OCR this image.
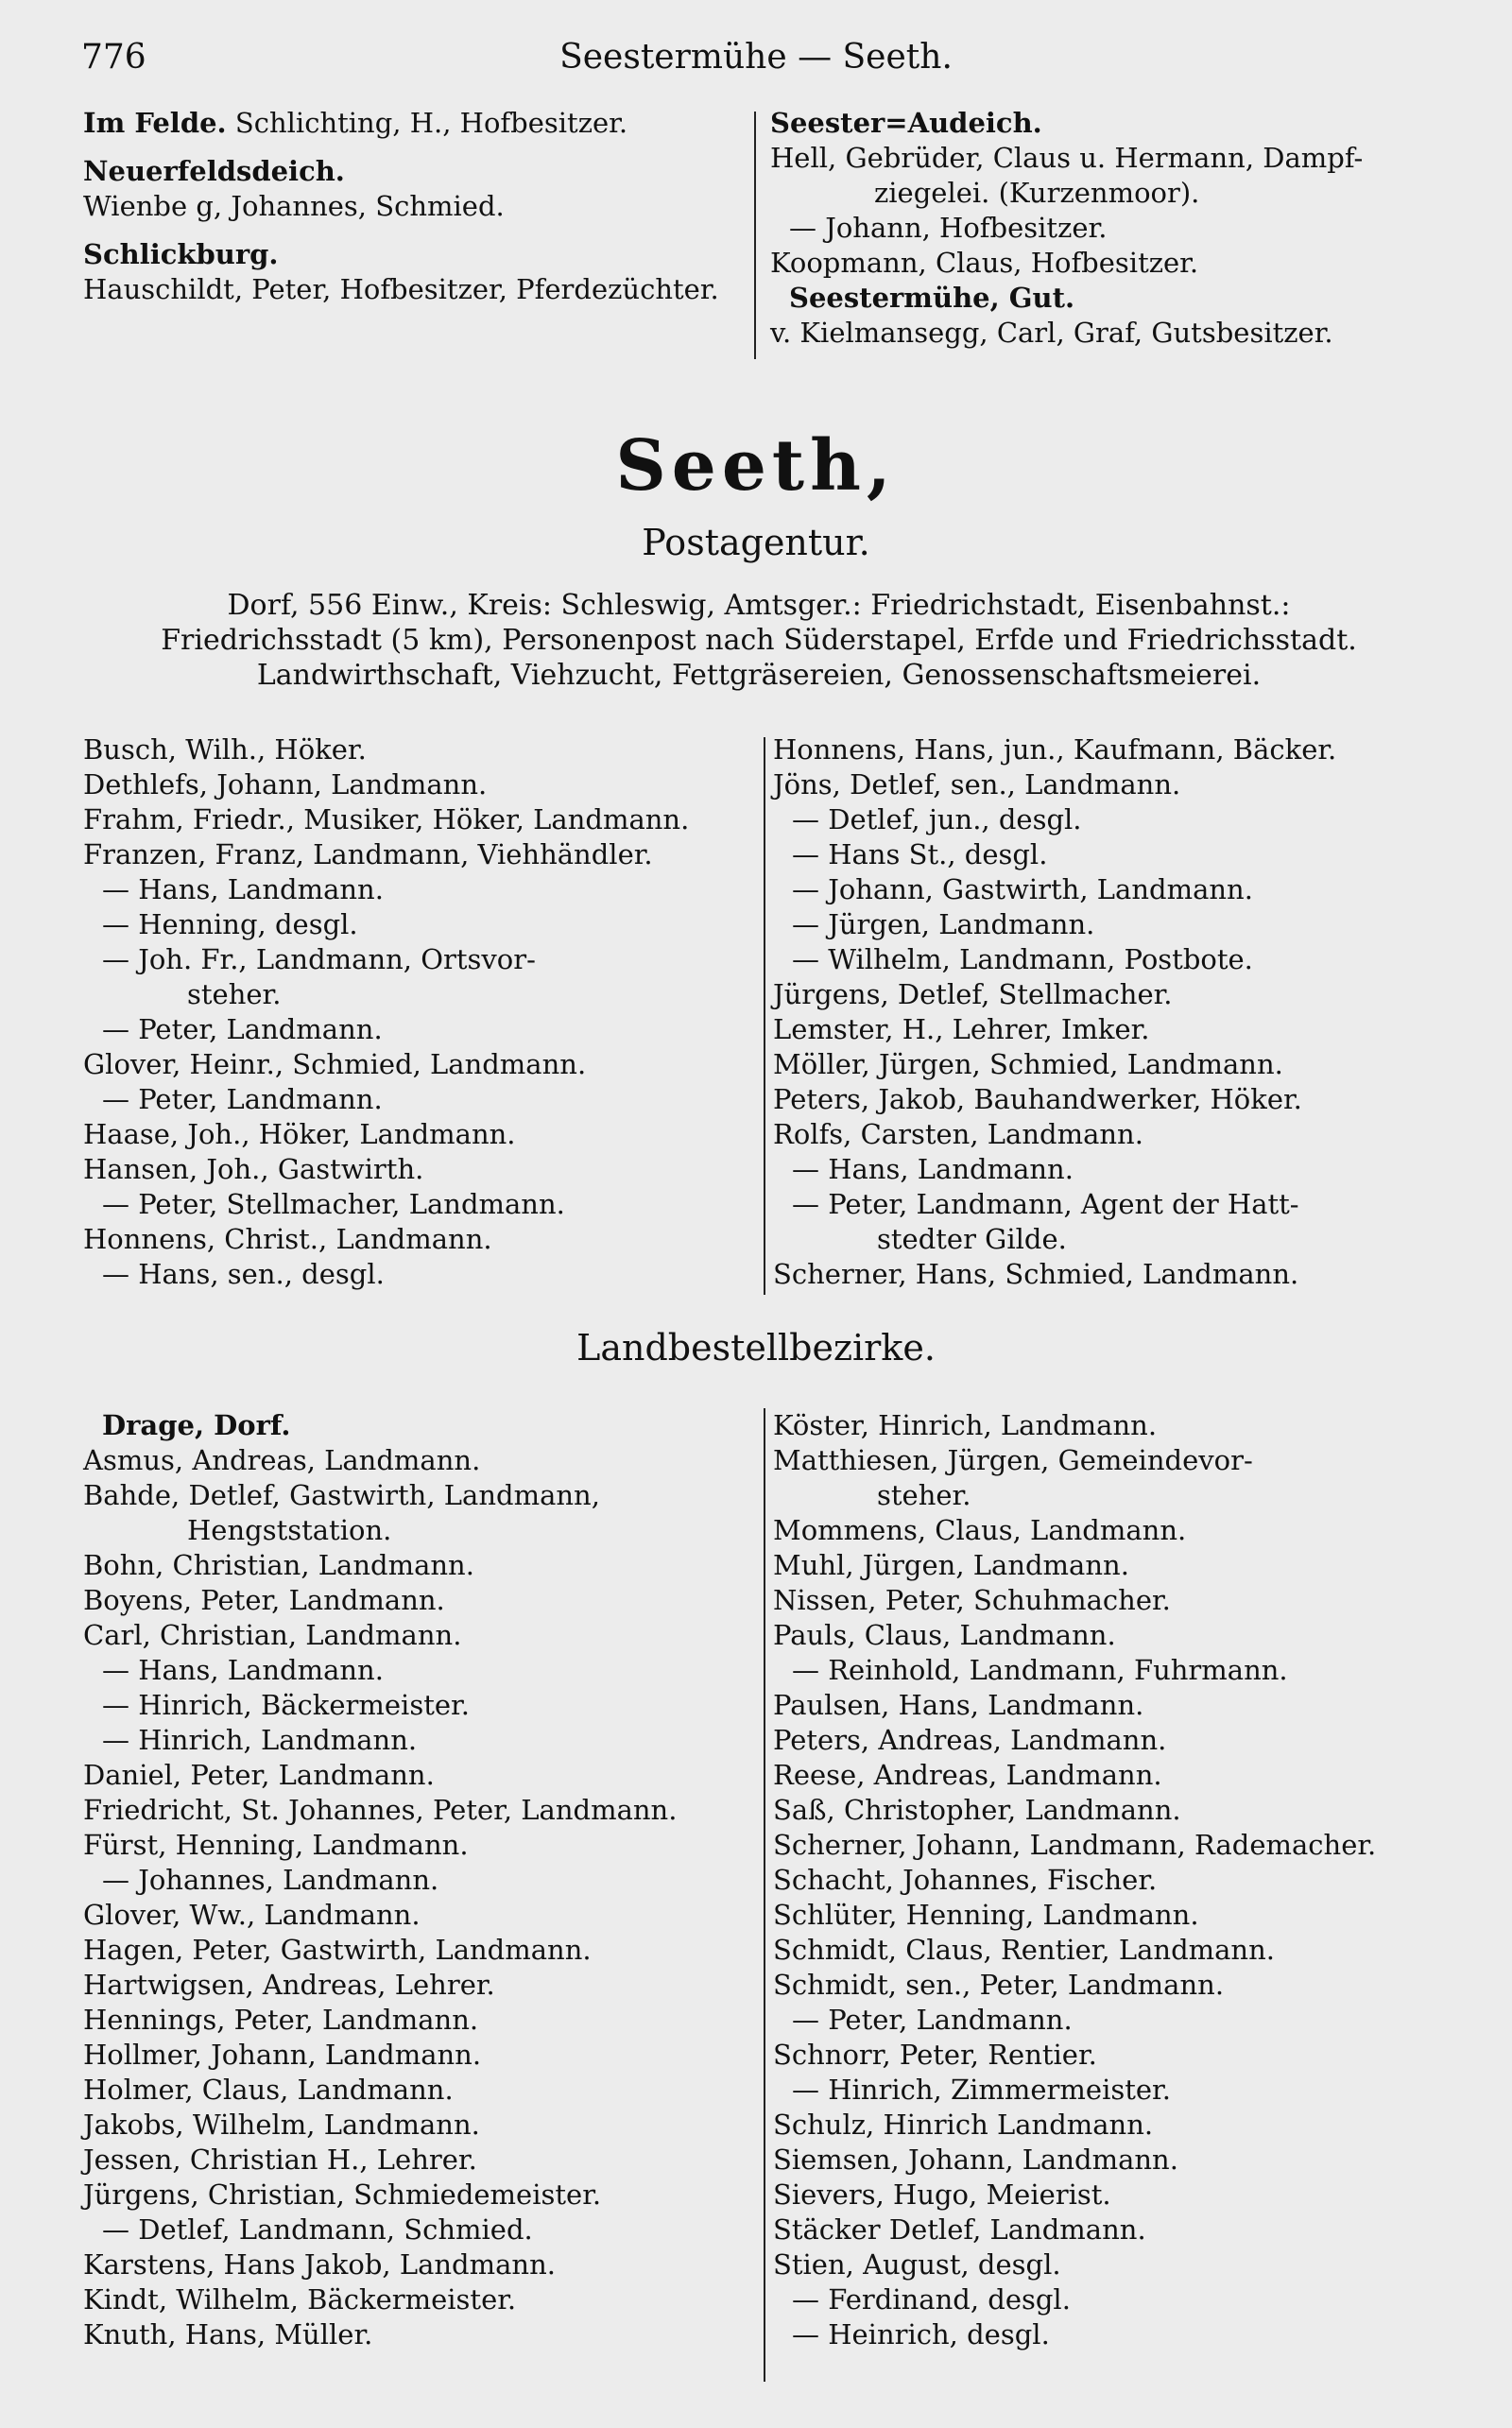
Seestermühe — Seeth.
776
Im Felde. Schlichting, H., Hofbesitzer.
Neuerfeldsdeich.
Wienbe g, Johannes, Schmied.
Schlickburg.
Hauschildt, Peter, Hofbesitzer, Pferdezüchter.
Seester=Audeich.
Hell, Gebrüder, Claus u. Hermann, Dampf-
ziegelei. (Kurzenmoor).
— Johann, Hofbesitzer.
Koopmann, Claus, Hofbesitzer.
Seestermühe, Gut.
v. Kielmansegg, Carl, Graf, Gutsbesitzer.
Seeth,
Postagentur.
Dorf, 556 Einw., Kreis: Schleswig, Amtsger.: Friedrichstadt, Eisenbahnst.:
Friedrichsstadt (5 km), Personenpost nach Süderstapel, Erfde und Friedrichsstadt.
Landwirthschaft, Viehzucht, Fettgräsereien, Genossenschaftsmeierei.
Busch, Wilh., Höker.
Dethlefs, Johann, Landmann.
Frahm, Friedr., Musiker, Höker, Landmann.
Franzen, Franz, Landmann, Viehhändler.
— Hans, Landmann.
— Henning, desgl.
— Joh. Fr., Landmann, Ortsvor-
steher.
— Peter, Landmann.
Glover, Heinr., Schmied, Landmann.
— Peter, Landmann.
Haase, Joh., Höker, Landmann.
Hansen, Joh., Gastwirth.
— Peter, Stellmacher, Landmann.
Honnens, Christ., Landmann.
— Hans, sen., desgl.
Honnens, Hans, jun., Kaufmann, Bäcker.
Jöns, Detlef, sen., Landmann.
— Detlef, jun., desgl.
— Hans St., desgl.
— Johann, Gastwirth, Landmann.
— Jürgen, Landmann.
— Wilhelm, Landmann, Postbote.
Jürgens, Detlef, Stellmacher.
Lemster, H., Lehrer, Imker.
Möller, Jürgen, Schmied, Landmann.
Peters, Jakob, Bauhandwerker, Höker.
Rolfs, Carsten, Landmann.
— Hans, Landmann.
— Peter, Landmann, Agent der Hatt-
stedter Gilde.
Scherner, Hans, Schmied, Landmann.
Landbestellbezirke.
Drage, Dorf.
Asmus, Andreas, Landmann.
Bahde, Detlef, Gastwirth, Landmann,
Hengststation.
Bohn, Christian, Landmann.
Boyens, Peter, Landmann.
Carl, Christian, Landmann.
— Hans, Landmann.
— Hinrich, Bäckermeister.
— Hinrich, Landmann.
Daniel, Peter, Landmann.
Friedricht, St. Johannes, Peter, Landmann.
Fürst, Henning, Landmann.
— Johannes, Landmann.
Glover, Ww., Landmann.
Hagen, Peter, Gastwirth, Landmann.
Hartwigsen, Andreas, Lehrer.
Hennings, Peter, Landmann.
Hollmer, Johann, Landmann.
Holmer, Claus, Landmann.
Jakobs, Wilhelm, Landmann.
Jessen, Christian H., Lehrer.
Jürgens, Christian, Schmiedemeister.
— Detlef, Landmann, Schmied.
Karstens, Hans Jakob, Landmann.
Kindt, Wilhelm, Bäckermeister.
Knuth, Hans, Müller.
Köster, Hinrich, Landmann.
Matthiesen, Jürgen, Gemeindevor-
steher.
Mommens, Claus, Landmann.
Muhl, Jürgen, Landmann.
Nissen, Peter, Schuhmacher.
Pauls, Claus, Landmann.
— Reinhold, Landmann, Fuhrmann.
Paulsen, Hans, Landmann.
Peters, Andreas, Landmann.
Reese, Andreas, Landmann.
Saß, Christopher, Landmann.
Scherner, Johann, Landmann, Rademacher.
Schacht, Johannes, Fischer.
Schlüter, Henning, Landmann.
Schmidt, Claus, Rentier, Landmann.
Schmidt, sen., Peter, Landmann.
— Peter, Landmann.
Schnorr, Peter, Rentier.
— Hinrich, Zimmermeister.
Schulz, Hinrich Landmann.
Siemsen, Johann, Landmann.
Sievers, Hugo, Meierist.
Stäcker Detlef, Landmann.
Stien, August, desgl.
— Ferdinand, desgl.
— Heinrich, desgl.
